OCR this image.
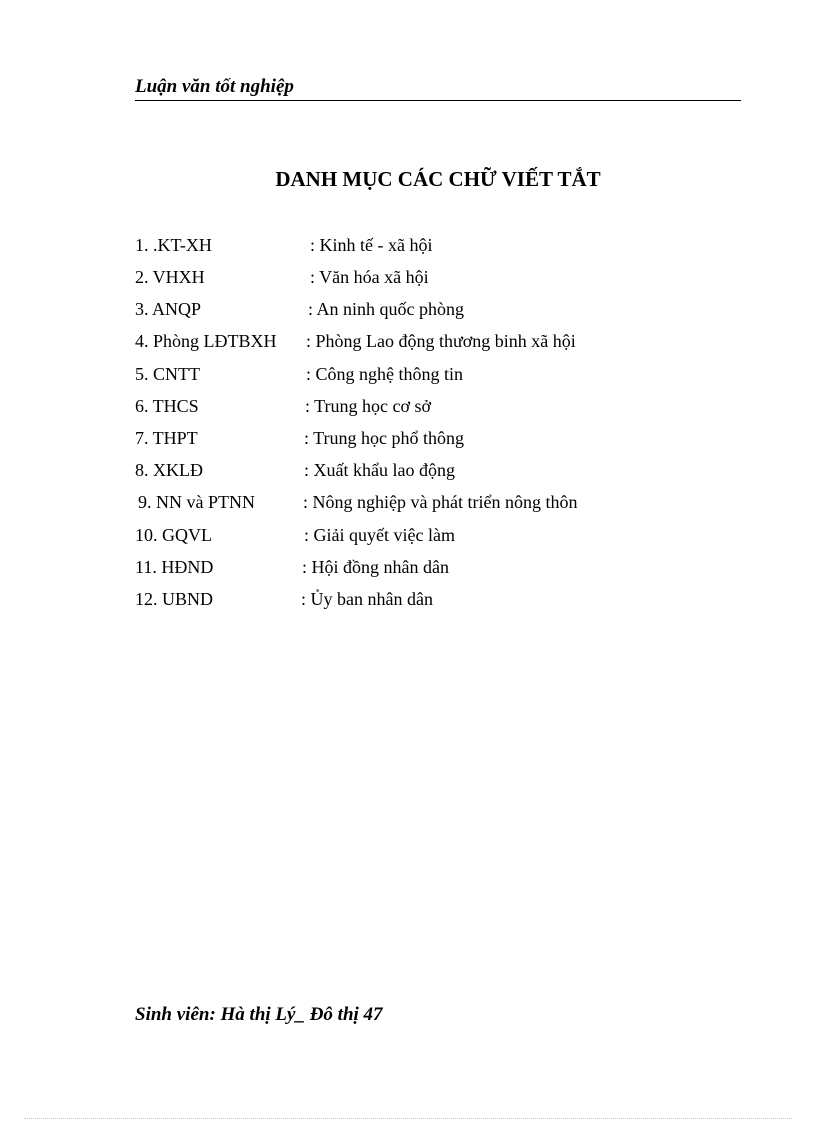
Luận văn tốt nghiệp
DANH MỤC CÁC CHỮ VIẾT TẮT
1. .KT-XH	: Kinh tế - xã hội
2. VHXH	: Văn hóa xã hội
3. ANQP	: An ninh quốc phòng
4. Phòng LĐTBXH : Phòng Lao động thương binh xã hội
5. CNTT	: Công nghệ thông tin
6. THCS	: Trung học cơ sở
7. THPT	: Trung học phổ thông
8. XKLĐ	: Xuất khẩu lao động
9. NN và PTNN	: Nông nghiệp và phát triển nông thôn
10. GQVL	: Giải quyết việc làm
11. HĐND	: Hội đồng nhân dân
12. UBND	: Ủy ban nhân dân
Sinh viên: Hà thị Lý_ Đô thị 47
